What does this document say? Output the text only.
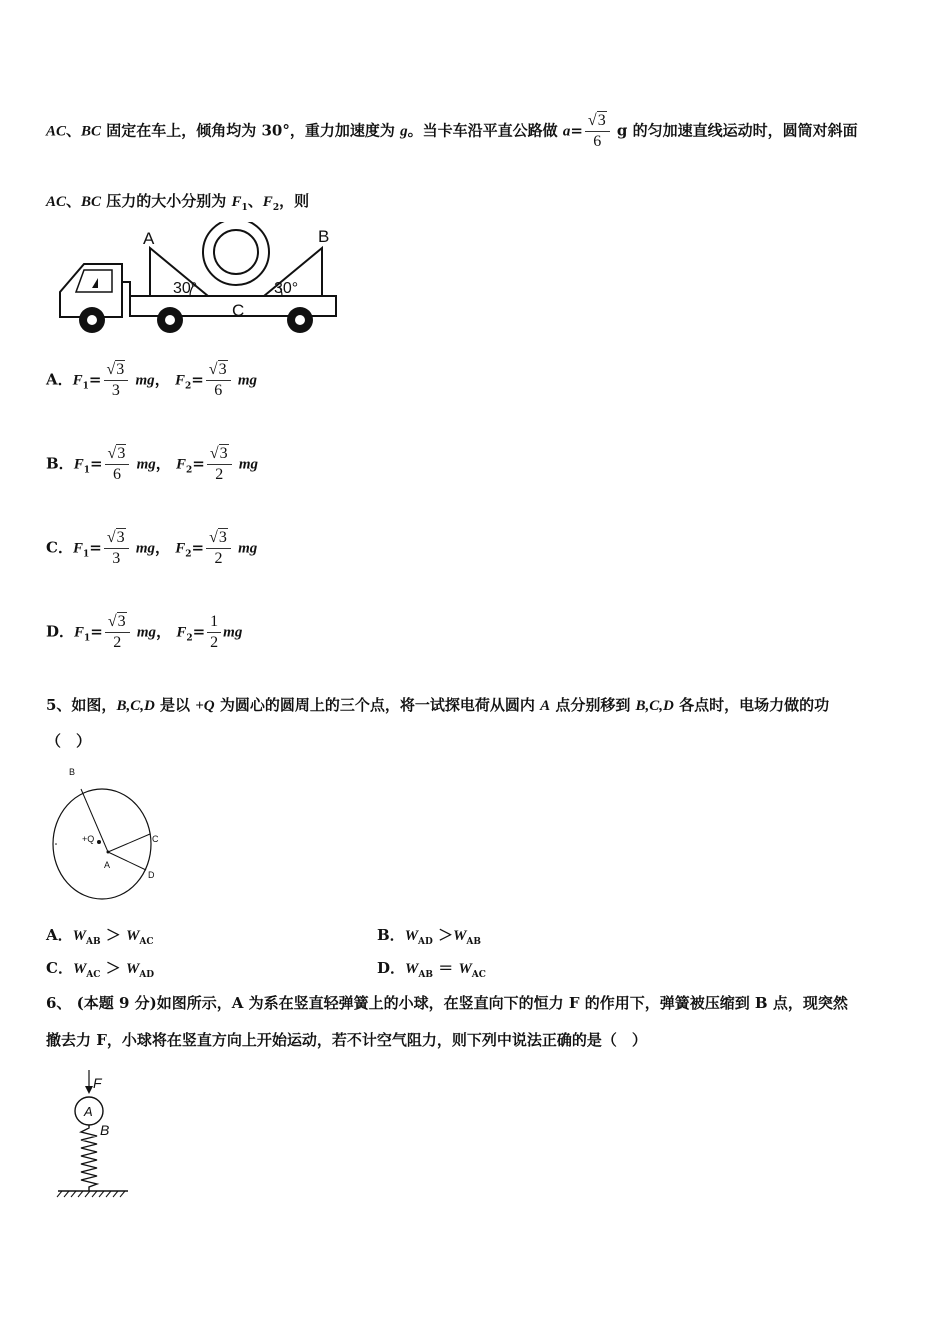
AC、BC 固定在车上，倾角均为 30°，重力加速度为 g。当卡车沿平直公路做 $a= \frac{√3}{6}$ g 的匀加速直线运动时，圆筒对斜面
AC、BC 压力的大小分别为 $F_1$、$F_2$，则
A	B
C
30°	30°
A．$F_1= \frac{√3}{3}$ mg， $F_2= \frac{√3}{6}$ mg
B．$F_1= \frac{√3}{6}$ mg， $F_2= \frac{√3}{2}$ mg
C．$F_1= \frac{√3}{3}$ mg， $F_2= \frac{√3}{2}$ mg
D．$F_1= \frac{√3}{2}$ mg， $F_2= \frac{1}{2}$ mg
5、如图，B,C,D 是以 +Q 为圆心的圆周上的三个点，将一试探电荷从圆内 A 点分别移到 B,C,D 各点时，电场力做的功
（　）
B
C
D
+Q
A
A．$W_{AB} > W_{AC}$	B．$W_{AD} >W_{AB}$
C．$W_{AC} > W_{AD}$	D．$W_{AB} = W_{AC}$
6、 (本题 9 分)如图所示，A 为系在竖直轻弹簧上的小球，在竖直向下的恒力 F 的作用下，弹簧被压缩到 B 点，现突然
撤去力 F，小球将在竖直方向上开始运动，若不计空气阻力，则下列中说法正确的是（　）
F
A
B
